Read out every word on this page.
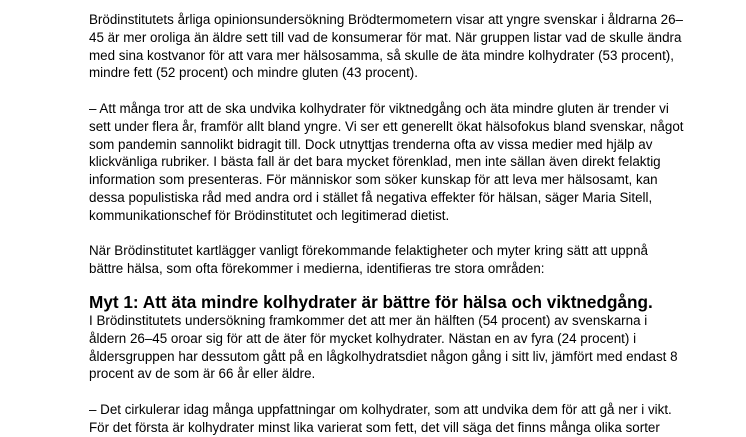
Brödinstitutets årliga opinionsundersökning Brödtermometern visar att yngre svenskar i åldrarna 26–
45 är mer oroliga än äldre sett till vad de konsumerar för mat. När gruppen listar vad de skulle ändra
med sina kostvanor för att vara mer hälsosamma, så skulle de äta mindre kolhydrater (53 procent),
mindre fett (52 procent) och mindre gluten (43 procent).

– Att många tror att de ska undvika kolhydrater för viktnedgång och äta mindre gluten är trender vi
sett under flera år, framför allt bland yngre. Vi ser ett generellt ökat hälsofokus bland svenskar, något
som pandemin sannolikt bidragit till. Dock utnyttjas trenderna ofta av vissa medier med hjälp av
klickvänliga rubriker. I bästa fall är det bara mycket förenklad, men inte sällan även direkt felaktig
information som presenteras. För människor som söker kunskap för att leva mer hälsosamt, kan
dessa populistiska råd med andra ord i stället få negativa effekter för hälsan, säger Maria Sitell,
kommunikationschef för Brödinstitutet och legitimerad dietist.

När Brödinstitutet kartlägger vanligt förekommande felaktigheter och myter kring sätt att uppnå
bättre hälsa, som ofta förekommer i medierna, identifieras tre stora områden:

Myt 1: Att äta mindre kolhydrater är bättre för hälsa och viktnedgång.

I Brödinstitutets undersökning framkommer det att mer än hälften (54 procent) av svenskarna i
åldern 26–45 oroar sig för att de äter för mycket kolhydrater. Nästan en av fyra (24 procent) i
åldersgruppen har dessutom gått på en lågkolhydratsdiet någon gång i sitt liv, jämfört med endast 8
procent av de som är 66 år eller äldre.

– Det cirkulerar idag många uppfattningar om kolhydrater, som att undvika dem för att gå ner i vikt.
För det första är kolhydrater minst lika varierat som fett, det vill säga det finns många olika sorter
